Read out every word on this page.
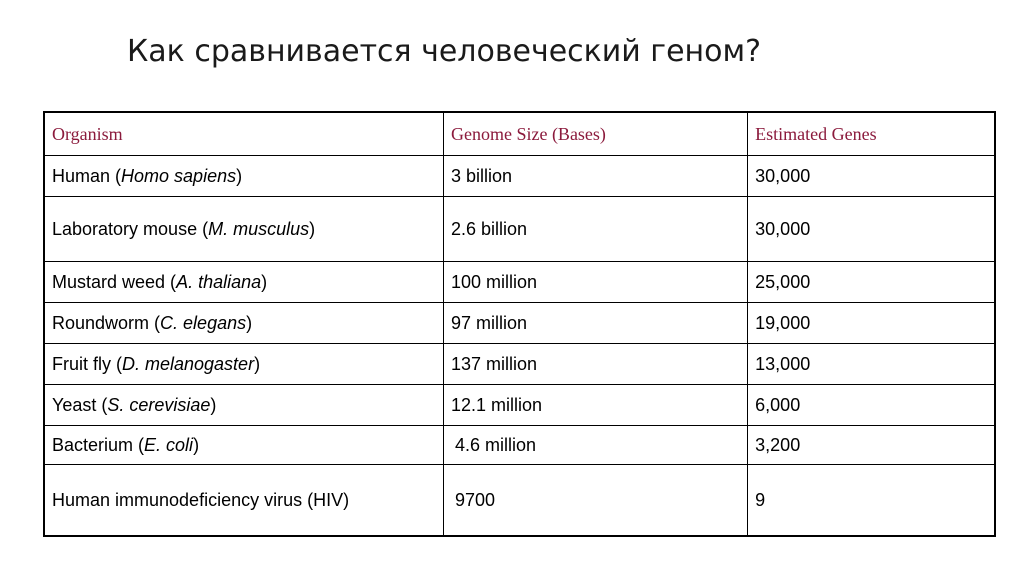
Как сравнивается человеческий геном?
Organism	Genome Size (Bases)	Estimated Genes
Human (Homo sapiens)	3 billion	30,000
Laboratory mouse (M. musculus)	2.6 billion	30,000
Mustard weed (A. thaliana)	100 million	25,000
Roundworm (C. elegans)	97 million	19,000
Fruit fly (D. melanogaster)	137 million	13,000
Yeast (S. cerevisiae)	12.1 million	6,000
Bacterium (E. coli)	4.6 million	3,200
Human immunodeficiency virus (HIV)	9700	9
